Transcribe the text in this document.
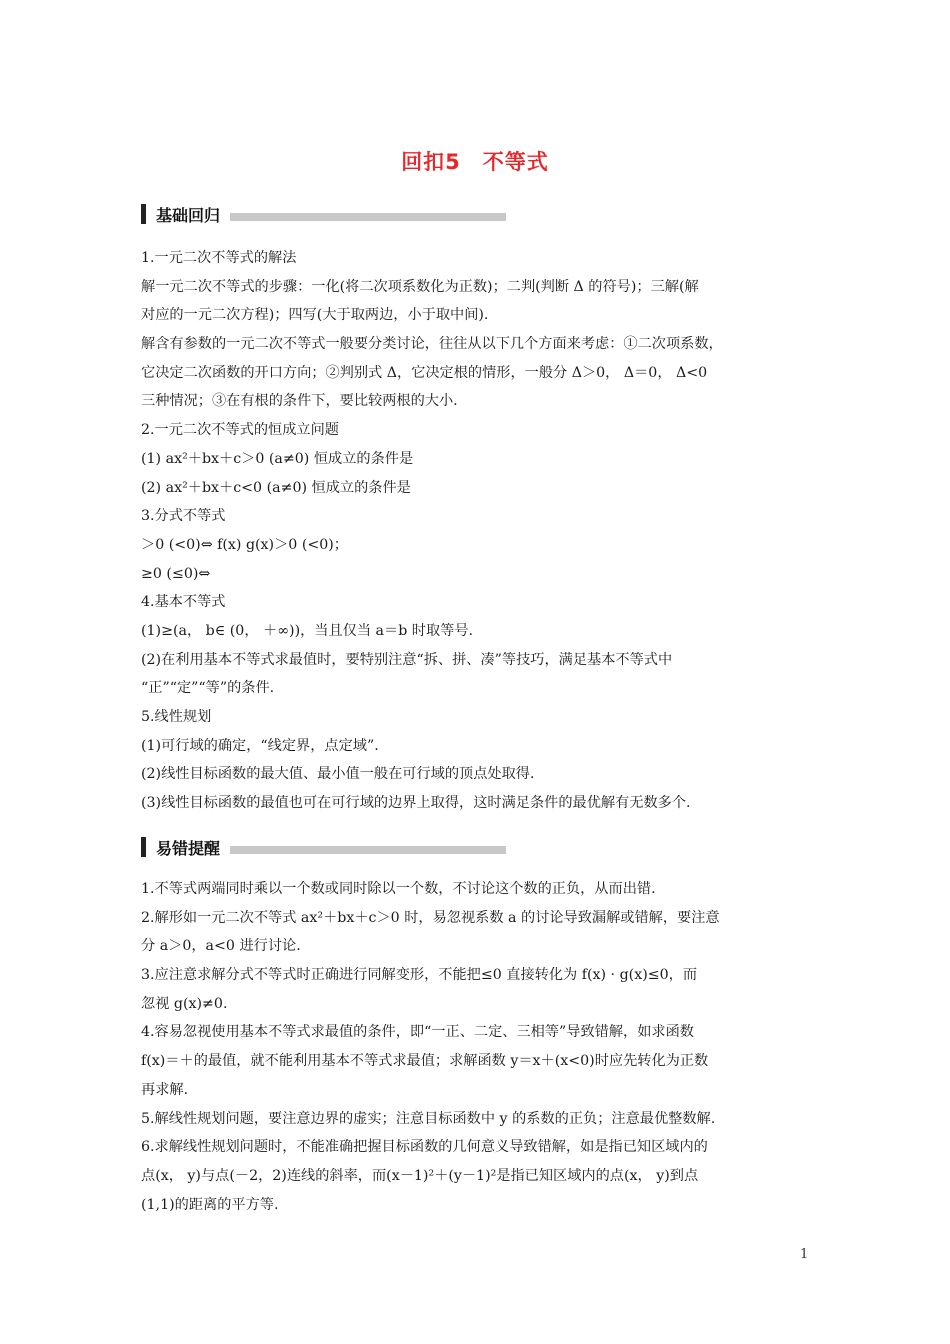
回扣5　不等式
基础回归
1.一元二次不等式的解法
解一元二次不等式的步骤：一化(将二次项系数化为正数)；二判(判断 Δ 的符号)；三解(解
对应的一元二次方程)；四写(大于取两边，小于取中间).
解含有参数的一元二次不等式一般要分类讨论，往往从以下几个方面来考虑：①二次项系数，
它决定二次函数的开口方向；②判别式 Δ，它决定根的情形，一般分 Δ＞0， Δ＝0， Δ<0
三种情况；③在有根的条件下，要比较两根的大小.
2.一元二次不等式的恒成立问题
(1) ax²＋bx＋c＞0 (a≠0) 恒成立的条件是
(2) ax²＋bx＋c<0 (a≠0) 恒成立的条件是
3.分式不等式
＞0 (<0)⇔ f(x) g(x)＞0 (<0)；
≥0 (≤0)⇔
4.基本不等式
(1)≥(a， b∈ (0， ＋∞))，当且仅当 a＝b 时取等号.
(2)在利用基本不等式求最值时，要特别注意“拆、拼、凑”等技巧，满足基本不等式中
“正”“定”“等”的条件.
5.线性规划
(1)可行域的确定，“线定界，点定域”.
(2)线性目标函数的最大值、最小值一般在可行域的顶点处取得.
(3)线性目标函数的最值也可在可行域的边界上取得，这时满足条件的最优解有无数多个.
易错提醒
1.不等式两端同时乘以一个数或同时除以一个数，不讨论这个数的正负，从而出错.
2.解形如一元二次不等式 ax²＋bx＋c＞0 时，易忽视系数 a 的讨论导致漏解或错解，要注意
分 a＞0，a<0 进行讨论.
3.应注意求解分式不等式时正确进行同解变形，不能把≤0 直接转化为 f(x) · g(x)≤0，而
忽视 g(x)≠0.
4.容易忽视使用基本不等式求最值的条件，即“一正、二定、三相等”导致错解，如求函数
f(x)＝＋的最值，就不能利用基本不等式求最值；求解函数 y＝x＋(x<0)时应先转化为正数
再求解.
5.解线性规划问题，要注意边界的虚实；注意目标函数中 y 的系数的正负；注意最优整数解.
6.求解线性规划问题时，不能准确把握目标函数的几何意义导致错解，如是指已知区域内的
点(x， y)与点(－2，2)连线的斜率，而(x－1)²＋(y－1)²是指已知区域内的点(x， y)到点
(1,1)的距离的平方等.
1
